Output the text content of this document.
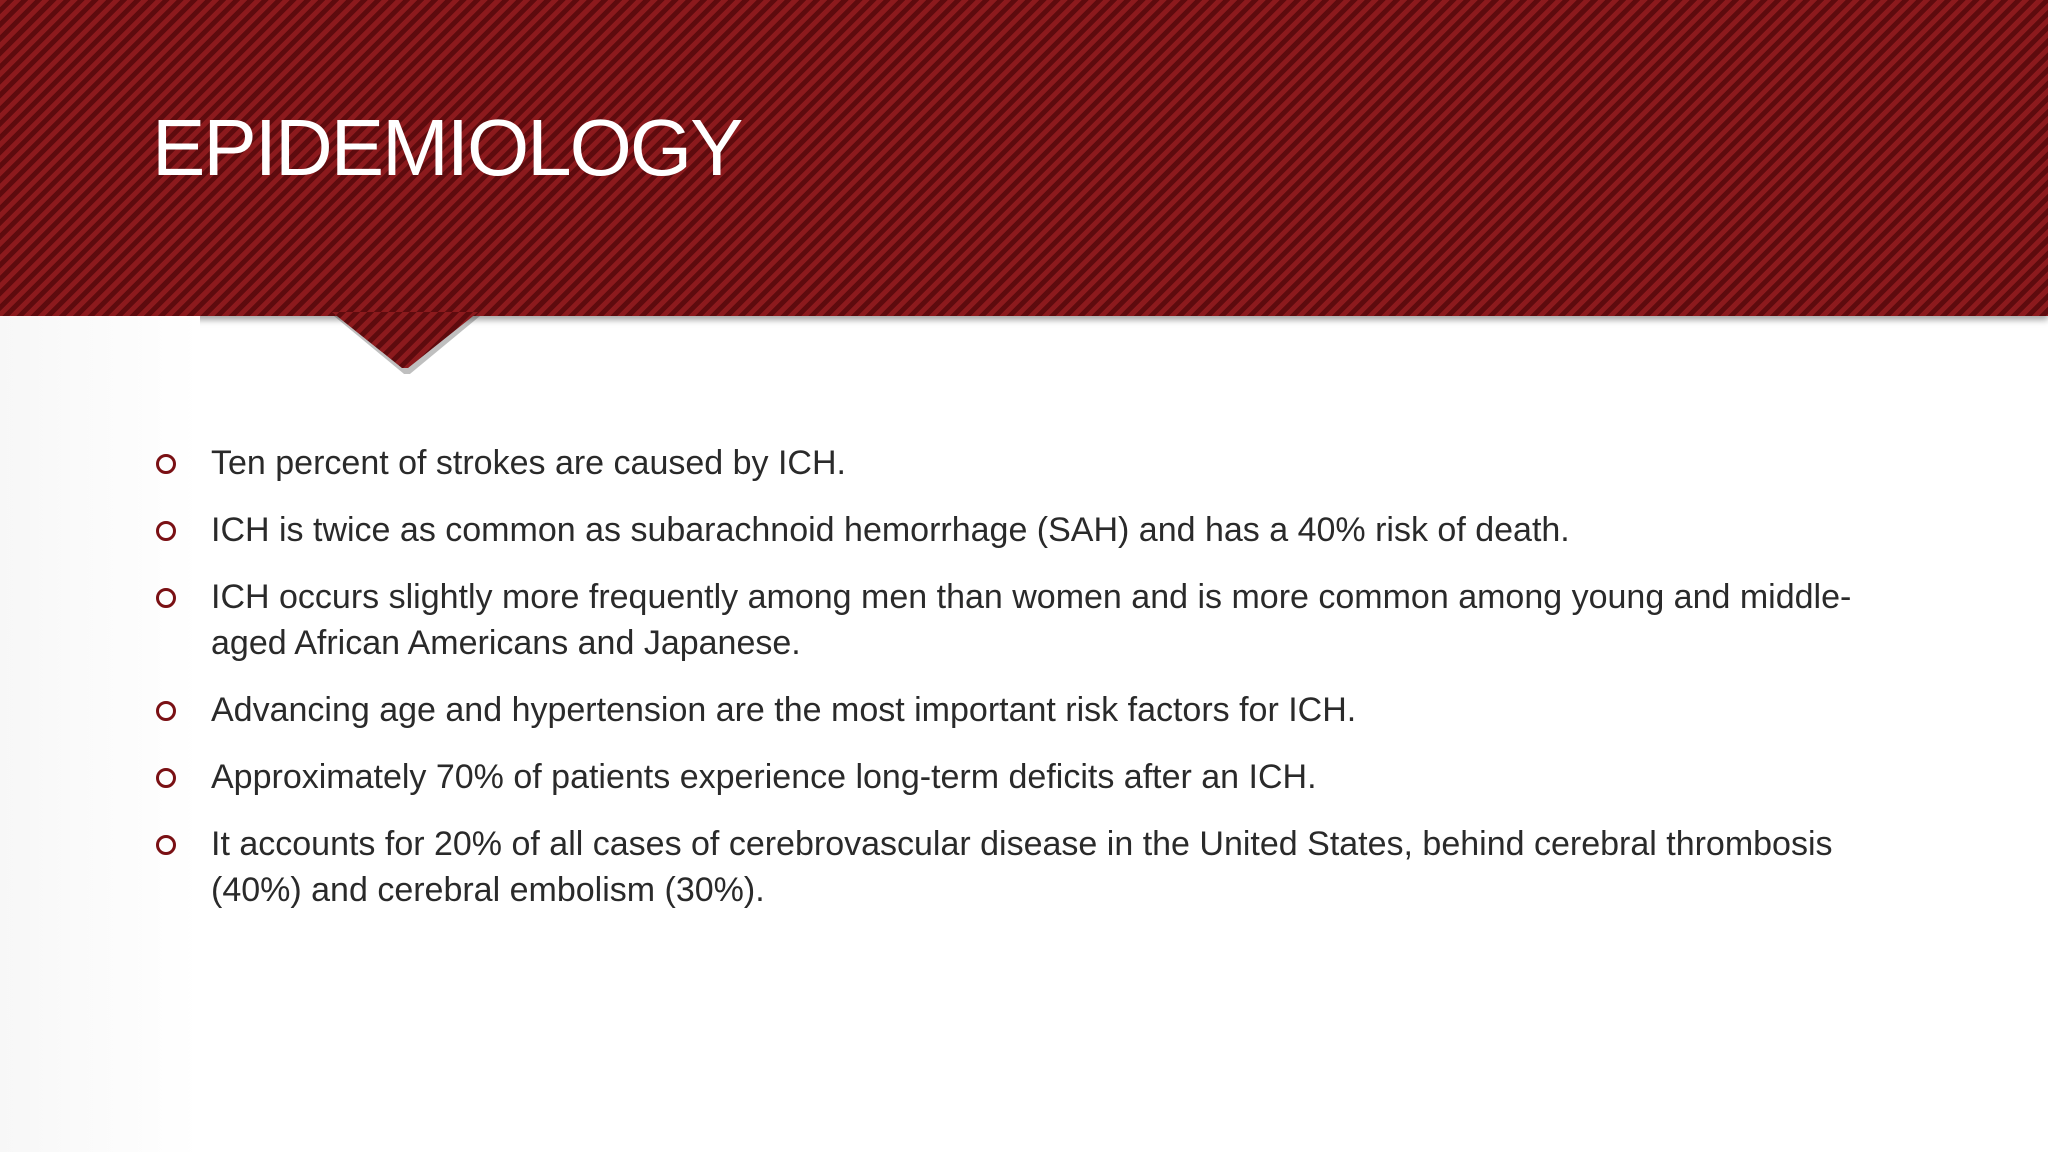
EPIDEMIOLOGY
Ten percent of strokes are caused by ICH.
ICH is twice as common as subarachnoid hemorrhage (SAH) and has a 40% risk of death.
ICH occurs slightly more frequently among men than women and is more common among young and middle-aged African Americans and Japanese.
Advancing age and hypertension are the most important risk factors for ICH.
Approximately 70% of patients experience long-term deficits after an ICH.
It accounts for 20% of all cases of cerebrovascular disease in the United States, behind cerebral thrombosis (40%) and cerebral embolism (30%).
